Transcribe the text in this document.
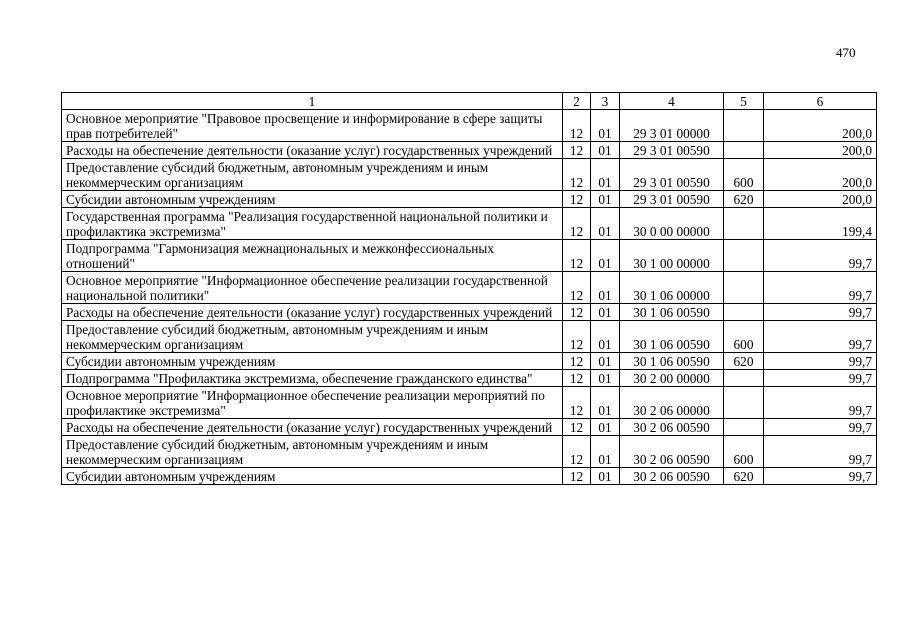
470
1	2	3	4	5	6
Основное мероприятие "Правовое просвещение и информирование в сфере защиты прав потребителей"	12	01	29 3 01 00000		200,0
Расходы на обеспечение деятельности (оказание услуг) государственных учреждений	12	01	29 3 01 00590		200,0
Предоставление субсидий бюджетным, автономным учреждениям и иным некоммерческим организациям	12	01	29 3 01 00590	600	200,0
Субсидии автономным учреждениям	12	01	29 3 01 00590	620	200,0
Государственная программа "Реализация государственной национальной политики и профилактика экстремизма"	12	01	30 0 00 00000		199,4
Подпрограмма "Гармонизация межнациональных и межконфессиональных отношений"	12	01	30 1 00 00000		99,7
Основное мероприятие "Информационное обеспечение реализации государственной национальной политики"	12	01	30 1 06 00000		99,7
Расходы на обеспечение деятельности (оказание услуг) государственных учреждений	12	01	30 1 06 00590		99,7
Предоставление субсидий бюджетным, автономным учреждениям и иным некоммерческим организациям	12	01	30 1 06 00590	600	99,7
Субсидии автономным учреждениям	12	01	30 1 06 00590	620	99,7
Подпрограмма "Профилактика экстремизма, обеспечение гражданского единства"	12	01	30 2 00 00000		99,7
Основное мероприятие "Информационное обеспечение реализации мероприятий по профилактике экстремизма"	12	01	30 2 06 00000		99,7
Расходы на обеспечение деятельности (оказание услуг) государственных учреждений	12	01	30 2 06 00590		99,7
Предоставление субсидий бюджетным, автономным учреждениям и иным некоммерческим организациям	12	01	30 2 06 00590	600	99,7
Субсидии автономным учреждениям	12	01	30 2 06 00590	620	99,7
